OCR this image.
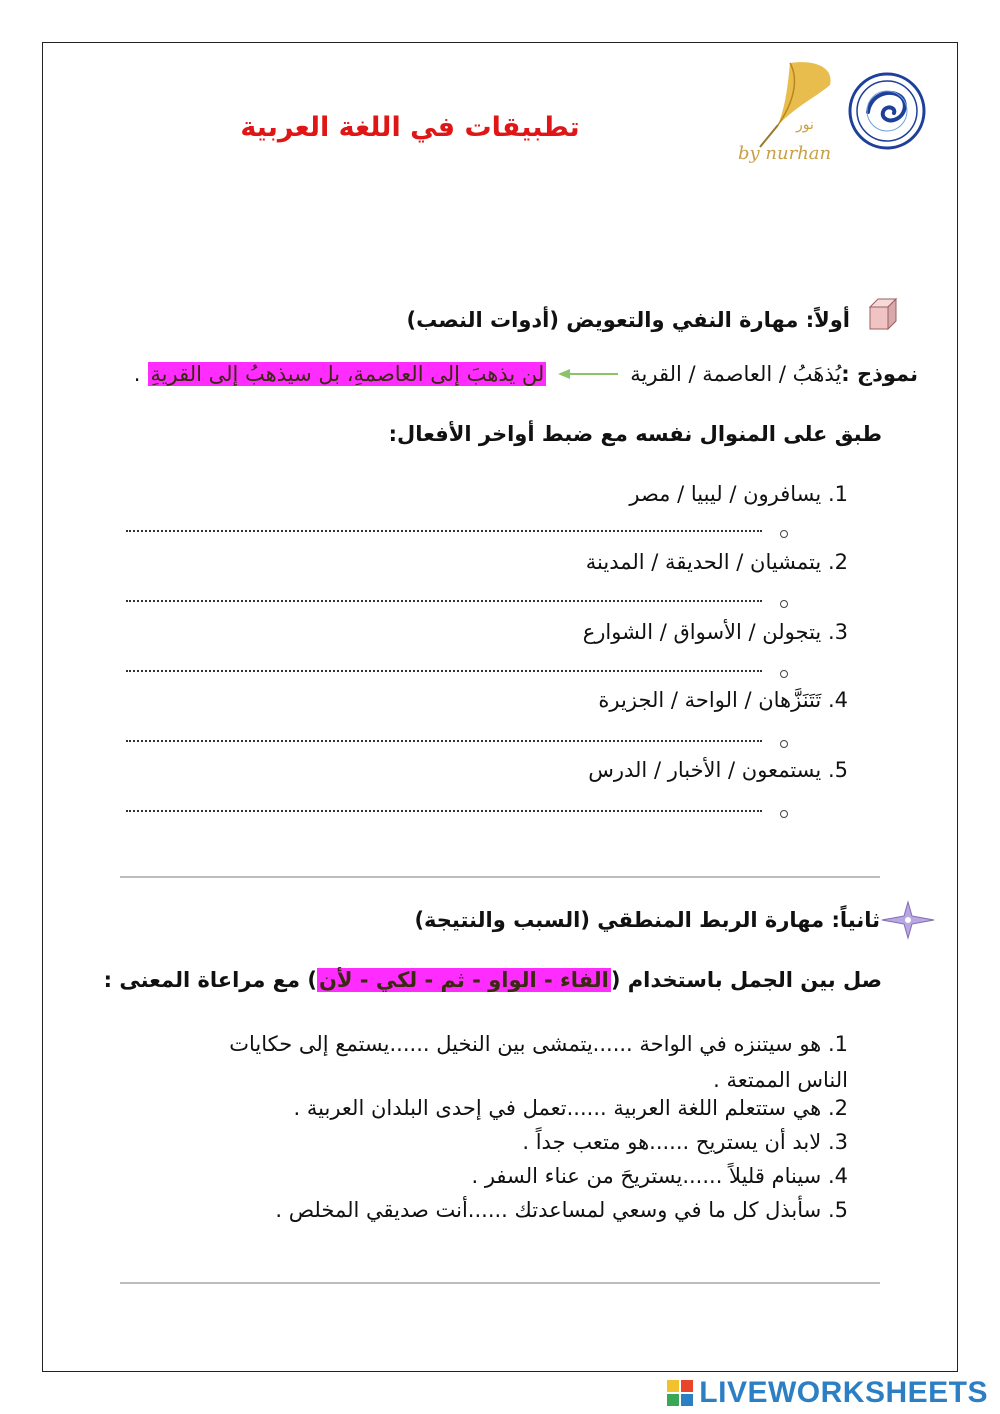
تطبيقات في اللغة العربية
by nurhan
نور
أولاً: مهارة النفي والتعويض (أدوات النصب)
نموذج :
يُذهَبُ / العاصمة / القرية
لن يذهبَ إلى العاصمةِ، بل سيذهبُ إلى القريةِ
.
طبق على المنوال نفسه مع ضبط أواخر الأفعال:
1. يسافرون / ليبيا / مصر
2. يتمشيان / الحديقة / المدينة
3. يتجولن / الأسواق / الشوارع
4. تَتَنَزَّهان / الواحة / الجزيرة
5. يستمعون / الأخبار / الدرس
ثانياً: مهارة الربط المنطقي (السبب والنتيجة)
صل بين الجمل باستخدام (الفاء - الواو - ثم - لكي - لأن) مع مراعاة المعنى :
1. هو سيتنزه في الواحة ......يتمشى بين النخيل ......يستمع إلى حكايات الناس الممتعة .
2. هي ستتعلم اللغة العربية ......تعمل في إحدى البلدان العربية .
3. لابد أن يستريح ......هو متعب جداً .
4. سينام قليلاً ......يستريحَ من عناء السفر .
5. سأبذل كل ما في وسعي لمساعدتك ......أنت صديقي المخلص .
LIVEWORKSHEETS
